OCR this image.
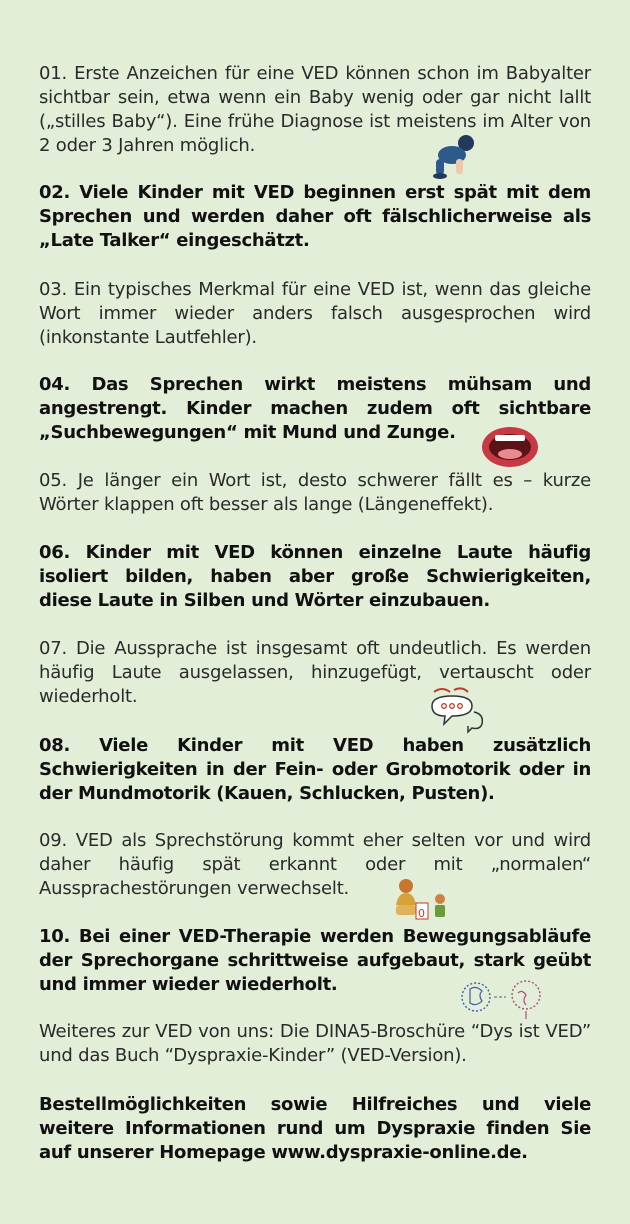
01. Erste Anzeichen für eine VED können schon im Babyalter sichtbar sein, etwa wenn ein Baby wenig oder gar nicht lallt („stilles Baby“). Eine frühe Diagnose ist meistens im Alter von 2 oder 3 Jahren möglich.

02. Viele Kinder mit VED beginnen erst spät mit dem Sprechen und werden daher oft fälschlicherweise als „Late Talker“ eingeschätzt.

03. Ein typisches Merkmal für eine VED ist, wenn das gleiche Wort immer wieder anders falsch ausgesprochen wird (inkonstante Lautfehler).

04. Das Sprechen wirkt meistens mühsam und angestrengt. Kinder machen zudem oft sichtbare „Suchbewegungen“ mit Mund und Zunge.

05. Je länger ein Wort ist, desto schwerer fällt es – kurze Wörter klappen oft besser als lange (Längeneffekt).

06. Kinder mit VED können einzelne Laute häufig isoliert bilden, haben aber große Schwierigkeiten, diese Laute in Silben und Wörter einzubauen.

07. Die Aussprache ist insgesamt oft undeutlich. Es werden häufig Laute ausgelassen, hinzugefügt, vertauscht oder wiederholt.

08. Viele Kinder mit VED haben zusätzlich Schwierigkeiten in der Fein- oder Grobmotorik oder in der Mundmotorik (Kauen, Schlucken, Pusten).

09. VED als Sprechstörung kommt eher selten vor und wird daher häufig spät erkannt oder mit „normalen“ Aussprachestörungen verwechselt.

10. Bei einer VED-Therapie werden Bewegungsabläufe der Sprechorgane schrittweise aufgebaut, stark geübt und immer wieder wiederholt.

Weiteres zur VED von uns: Die DINA5-Broschüre “Dys ist VED” und das Buch “Dyspraxie-Kinder” (VED-Version).

Bestellmöglichkeiten sowie Hilfreiches und viele weitere Informationen rund um Dyspraxie finden Sie auf unserer Homepage www.dyspraxie-online.de.

0
